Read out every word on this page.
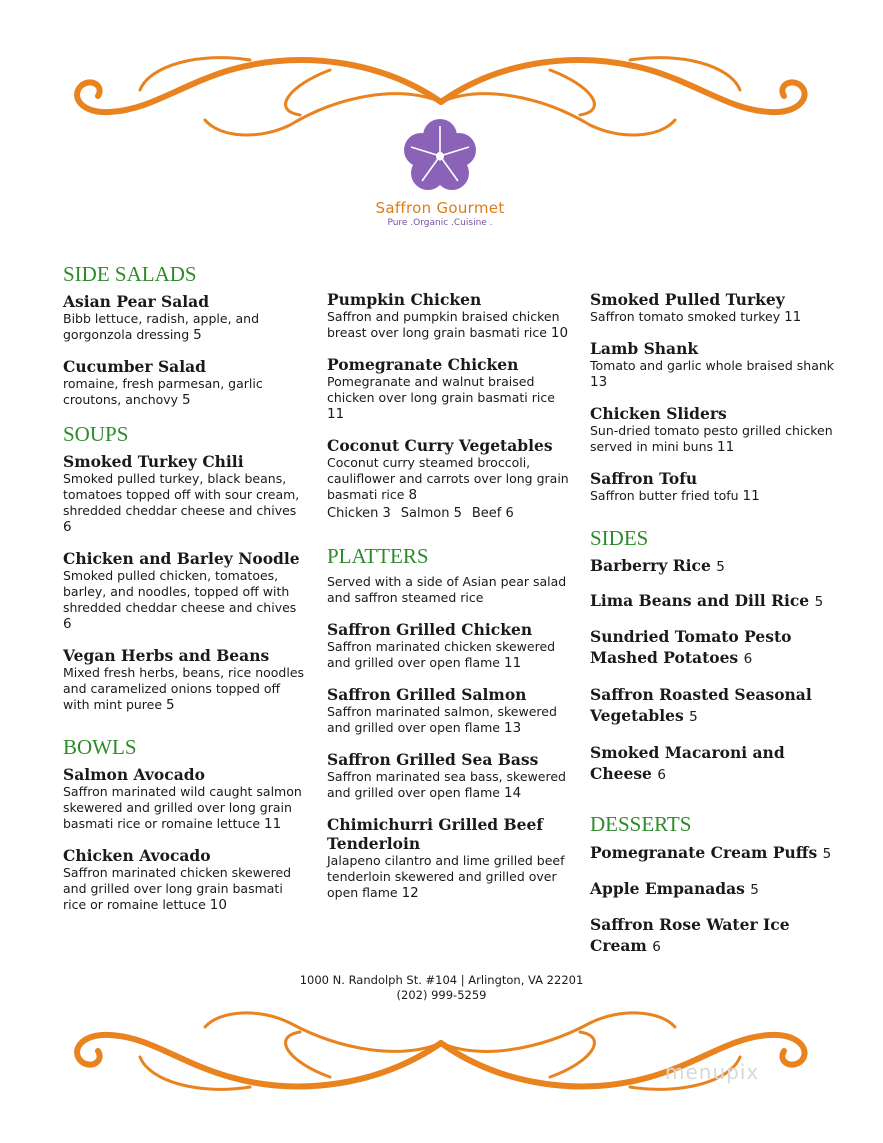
Saffron Gourmet
Pure .Organic .Cuisine .
SIDE SALADS
Asian Pear Salad
Bibb lettuce, radish, apple, and gorgonzola dressing 5
Cucumber Salad
romaine, fresh parmesan, garlic croutons, anchovy 5
SOUPS
Smoked Turkey Chili
Smoked pulled turkey, black beans, tomatoes topped off with sour cream, shredded cheddar cheese and chives 6
Chicken and Barley Noodle
Smoked pulled chicken, tomatoes, barley, and noodles, topped off with shredded cheddar cheese and chives 6
Vegan Herbs and Beans
Mixed fresh herbs, beans, rice noodles and caramelized onions topped off with mint puree 5
BOWLS
Salmon Avocado
Saffron marinated wild caught salmon skewered and grilled over long grain basmati rice or romaine lettuce 11
Chicken Avocado
Saffron marinated chicken skewered and grilled over long grain basmati rice or romaine lettuce 10
Pumpkin Chicken
Saffron and pumpkin braised chicken breast over long grain basmati rice 10
Pomegranate Chicken
Pomegranate and walnut braised chicken over long grain basmati rice 11
Coconut Curry Vegetables
Coconut curry steamed broccoli, cauliflower and carrots over long grain basmati rice 8
Chicken 3 Salmon 5 Beef 6
PLATTERS
Served with a side of Asian pear salad and saffron steamed rice
Saffron Grilled Chicken
Saffron marinated chicken skewered and grilled over open flame 11
Saffron Grilled Salmon
Saffron marinated salmon, skewered and grilled over open flame 13
Saffron Grilled Sea Bass
Saffron marinated sea bass, skewered and grilled over open flame 14
Chimichurri Grilled Beef Tenderloin
Jalapeno cilantro and lime grilled beef tenderloin skewered and grilled over open flame 12
Smoked Pulled Turkey
Saffron tomato smoked turkey 11
Lamb Shank
Tomato and garlic whole braised shank 13
Chicken Sliders
Sun-dried tomato pesto grilled chicken served in mini buns 11
Saffron Tofu
Saffron butter fried tofu 11
SIDES
Barberry Rice 5
Lima Beans and Dill Rice 5
Sundried Tomato Pesto Mashed Potatoes 6
Saffron Roasted Seasonal Vegetables 5
Smoked Macaroni and Cheese 6
DESSERTS
Pomegranate Cream Puffs 5
Apple Empanadas 5
Saffron Rose Water Ice Cream 6
1000 N. Randolph St. #104 | Arlington, VA 22201
(202) 999-5259
menupix
